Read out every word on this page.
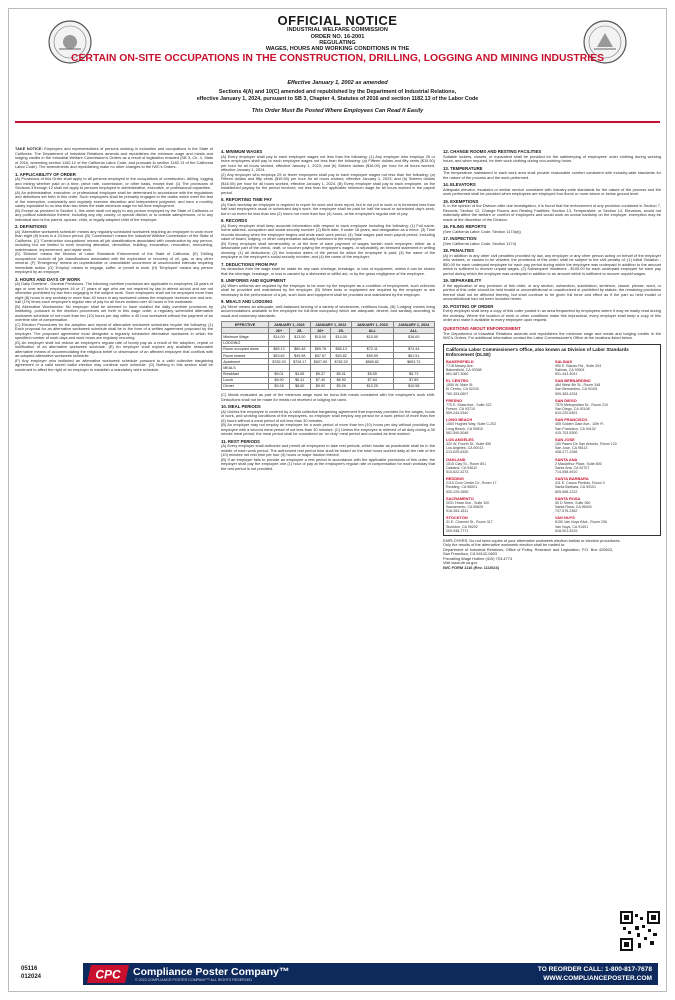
OFFICIAL NOTICE
INDUSTRIAL WELFARE COMMISSION
ORDER NO. 16-2001
REGULATING
WAGES, HOURS AND WORKING CONDITIONS IN THE
CERTAIN ON-SITE OCCUPATIONS IN THE CONSTRUCTION, DRILLING, LOGGING AND MINING INDUSTRIES
Effective January 1, 2002 as amended
Sections 4(A) and 10(C) amended and republished by the Department of Industrial Relations,
effective January 1, 2024, pursuant to SB 3, Chapter 4, Statutes of 2016 and section 1182.13 of the Labor Code
This Order Must Be Posted Where Employees Can Read It Easily
TAKE NOTICE: Employers and representatives of persons working in industries and occupations in the State of California: The Department of Industrial Relations amends and republishes the minimum wage and meals and lodging credits in the Industrial Welfare Commission's Orders as a result of legislation enacted (SB 3, Ch. 4, Stats of 2016, amending section 1182.12 of the California Labor Code, and pursuant to section 1182.13 of the California Labor Code). The amendments and republishing make no other changes to the IWC's Orders.
1. APPLICABILITY OF ORDER
(A) Provisions of this Order shall apply to all persons employed in the occupations of construction, drilling, logging and mining whether paid on a time, piece rate, commission, or other basis, except that: (1) The provisions of Sections 3 through 12 shall not apply to persons employed in administrative, executive, or professional capacities.
(A) An administrative, executive, or professional employee shall be determined in accordance with the regulations and definitions set forth in this order. Such employees shall be primarily engaged in the duties which meet the test of the exemption, customarily and regularly exercise discretion and independent judgment, and earn a monthly salary equivalent to no less than two times the state minimum wage for full-time employment.
(B) Except as provided in Section 1, this order shall not apply to any person employed by the State of California or any political subdivision thereof, including any city, county, or special district, or to outside salespersons, or to any individual who is the parent, spouse, child, or legally adopted child of the employer.
2. DEFINITIONS
(A) 'Alternative workweek schedule' means any regularly scheduled workweek requiring an employee to work more than eight (8) hours in a 24-hour period. (B) 'Commission' means the Industrial Welfare Commission of the State of California. (C) 'Construction occupations' means all job classifications associated with construction by any person, including but not limited to work involving alteration, demolition, building, excavation, renovation, remodeling, maintenance, improvement, and repair work.
(D) 'Division' means the Division of Labor Standards Enforcement of the State of California. (E) 'Drilling occupations' include all job classifications associated with the exploration or recovery of oil, gas, or any other mineral. (F) 'Emergency' means an unpredictable or unavoidable occurrence at unscheduled intervals requiring immediate action. (G) 'Employ' means to engage, suffer, or permit to work. (H) 'Employee' means any person employed by an employer.
3. HOURS AND DAYS OF WORK
(A) Daily Overtime - General Provisions: The following overtime provisions are applicable to employees 18 years of age or over and to employees 16 or 17 years of age who are not required by law to attend school and are not otherwise prohibited by law from engaging in the subject work. Such employees shall not be employed more than eight (8) hours in any workday or more than 40 hours in any workweek unless the employee receives one and one-half (1½) times such employee's regular rate of pay for all hours worked over 40 hours in the workweek.
(B) Alternative Workweeks: No employer shall be deemed to have violated the daily overtime provisions by instituting, pursuant to the election procedures set forth in this wage order, a regularly scheduled alternative workweek schedule of not more than ten (10) hours per day within a 40 hour workweek without the payment of an overtime rate of compensation.
(C) Election Procedures for the adoption and repeal of alternative workweek schedules require the following: (1) Each proposal for an alternative workweek schedule shall be in the form of a written agreement proposed by the employer. The proposed agreement must designate a regularly scheduled alternative workweek in which the specified number of work days and work hours are regularly recurring.
(D) An employer shall not reduce an employee's regular rate of hourly pay as a result of the adoption, repeal or nullification of an alternative workweek schedule. (E) An employer shall explore any available reasonable alternative means of accommodating the religious belief or observance of an affected employee that conflicts with an adopted alternative workweek schedule.
(F) Any employer who instituted an alternative workweek schedule pursuant to a valid collective bargaining agreement or a valid secret ballot election may continue such schedule. (G) Nothing in this section shall be construed to affect the right of an employer to establish a mandatory work schedule.
4. MINIMUM WAGES
(A) Every employer shall pay to each employee wages not less than the following: (1) Any employer who employs 26 or more employees shall pay to each employee wages not less than the following: (a) Fifteen dollars and fifty cents ($15.50) per hour for all hours worked, effective January 1, 2023; and (b) Sixteen dollars ($16.00) per hour for all hours worked, effective January 1, 2024.
(2) Any employer who employs 25 or fewer employees shall pay to each employee wages not less than the following: (a) Fifteen dollars and fifty cents ($15.50) per hour for all hours worked, effective January 1, 2023; and (b) Sixteen dollars ($16.00) per hour for all hours worked, effective January 1, 2024. (B) Every employer shall pay to each employee, on the established payday for the period involved, not less than the applicable minimum wage for all hours worked in the payroll period.
5. REPORTING TIME PAY
(A) Each workday an employee is required to report for work and does report, but is not put to work or is furnished less than half said employee's usual or scheduled day's work, the employee shall be paid for half the usual or scheduled day's work, but in no event for less than two (2) hours nor more than four (4) hours, at the employee's regular rate of pay.
6. RECORDS
(A) Every employer shall keep accurate information with respect to each employee including the following: (1) Full name, home address, occupation and social security number. (2) Birth date, if under 18 years, and designation as a minor. (3) Time records showing when the employee begins and ends each work period. (4) Total wages paid each payroll period, including value of board, lodging, or other compensation actually furnished to the employee.
(B) Every employer shall semimonthly or at the time of each payment of wages furnish each employee, either as a detachable part of the check, draft, or voucher paying the employee's wages, or separately, an itemized statement in writing showing: (1) all deductions; (2) the inclusive dates of the period for which the employee is paid; (3) the name of the employee or the employee's social security number; and (4) the name of the employer.
7. DEDUCTIONS FROM PAY
No deduction from the wage shall be made for any cash shortage, breakage, or loss of equipment, unless it can be shown that the shortage, breakage, or loss is caused by a dishonest or willful act, or by the gross negligence of the employee.
8. UNIFORMS AND EQUIPMENT
(A) When uniforms are required by the employer to be worn by the employee as a condition of employment, such uniforms shall be provided and maintained by the employer. (B) When tools or equipment are required by the employer or are necessary to the performance of a job, such tools and equipment shall be provided and maintained by the employer.
9. MEALS AND LODGING
(A) 'Meal' means an adequate, well-balanced serving of a variety of wholesome, nutritious foods. (B) 'Lodging' means living accommodations available to the employee for full-time occupancy which are adequate, decent, and sanitary according to usual and customary standards.
EFFECTIVE	JANUARY 1, 2021		JANUARY 1, 2022		JANUARY 1, 2023	JANUARY 1, 2024
	26+	25-	26+	25-	ALL	ALL
Minimum Wage	$14.00	$13.00	$15.00	$14.00	$15.50	$16.00
LODGING						
Room occupied alone	$65.13	$60.48	$69.78	$65.13	$72.11	$74.44
Room shared	$53.82	$49.98	$57.67	$53.82	$59.59	$61.51
Apartment	$782.03	$726.17	$837.89	$782.03	$865.82	$893.72
MEALS						
Breakfast	$5.01	$4.65	$5.37	$5.01	$5.55	$5.73
Lunch	$6.90	$6.41	$7.40	$6.90	$7.64	$7.89
Dinner	$9.26	$8.60	$9.92	$9.26	$10.25	$10.58
(C) Meals evaluated as part of the minimum wage must be bona fide meals consistent with the employee's work shift. Deductions shall not be made for meals not received or lodging not used.
10. MEAL PERIODS
(A) Unless the employee is covered by a valid collective bargaining agreement that expressly provides for the wages, hours of work, and working conditions of the employees, no employer shall employ any person for a work period of more than five (5) hours without a meal period of not less than 30 minutes.
(B) An employer may not employ an employee for a work period of more than ten (10) hours per day without providing the employee with a second meal period of not less than 30 minutes. (C) Unless the employee is relieved of all duty during a 30 minute meal period, the meal period shall be considered an 'on duty' meal period and counted as time worked.
11. REST PERIODS
(A) Every employer shall authorize and permit all employees to take rest periods, which insofar as practicable shall be in the middle of each work period. The authorized rest period time shall be based on the total hours worked daily at the rate of ten (10) minutes net rest time per four (4) hours or major fraction thereof.
(B) If an employer fails to provide an employee a rest period in accordance with the applicable provisions of this order, the employer shall pay the employee one (1) hour of pay at the employee's regular rate of compensation for each workday that the rest period is not provided.
12. CHANGE ROOMS AND RESTING FACILITIES
Suitable lockers, closets, or equivalent shall be provided for the safekeeping of employees' outer clothing during working hours, and when required, for their work clothing during non-working hours.
13. TEMPERATURE
The temperature maintained in each work area shall provide reasonable comfort consistent with industry-wide standards for the nature of the process and the work performed.
14. ELEVATORS
Adequate elevator, escalator or similar service consistent with industry-wide standards for the nature of the process and the work performed shall be provided when employees are employed four floors or more above or below ground level.
15. EXEMPTIONS
If, in the opinion of the Division after due investigation, it is found that the enforcement of any provision contained in Section 7, Records; Section 12, Change Rooms and Resting Facilities; Section 13, Temperature; or Section 14, Elevators, would not materially affect the welfare or comfort of employees and would work an undue hardship on the employer, exemption may be made at the discretion of the Division.
16. FILING REPORTS
(See California Labor Code, Section 1174(a))
17. INSPECTION
(See California Labor Code, Section 1174)
18. PENALTIES
(A) In addition to any other civil penalties provided by law, any employer or any other person acting on behalf of the employer who violates, or causes to be violated, the provisions of this order, shall be subject to the civil penalty of: (1) Initial Violation - $50.00 for each underpaid employee for each pay period during which the employee was underpaid in addition to the amount which is sufficient to recover unpaid wages. (2) Subsequent Violations - $100.00 for each underpaid employee for each pay period during which the employee was underpaid in addition to an amount which is sufficient to recover unpaid wages.
19. SEPARABILITY
If the application of any provision of this order, or any section, subsection, subdivision, sentence, clause, phrase, word, or portion of this order should be held invalid or unconstitutional or unauthorized or prohibited by statute, the remaining provisions thereof shall not be affected thereby, but shall continue to be given full force and effect as if the part so held invalid or unconstitutional had not been included herein.
20. POSTING OF ORDER
Every employer shall keep a copy of this order posted in an area frequented by employees where it may be easily read during the workday. Where the location of work or other conditions make this impractical, every employer shall keep a copy of this order and make it available to every employee upon request.
QUESTIONS ABOUT ENFORCEMENT
The Department of Industrial Relations amends and republishes the minimum wage and meals and lodging credits in the IWC's Orders. For additional information contact the Labor Commissioner's Office at the locations listed below.
California Labor Commissioner's Office, also known as Division of Labor Standards Enforcement (DLSE)
BAKERSFIELD
7718 Meany Ave.
Bakersfield, CA 93308
661-587-3060
SALINAS
950 E. Blanco Rd., Suite 204
Salinas, CA 93901
831-443-3041
EL CENTRO
1550 W. Main St.
El Centro, CA 92243
760-353-0607
SAN BERNARDINO
464 West 4th St., Room 348
San Bernardino, CA 92401
909-383-4334
FRESNO
770 E. Shaw Ave., Suite 222
Fresno, CA 93710
559-244-5340
SAN DIEGO
7575 Metropolitan Dr., Room 210
San Diego, CA 92108
619-220-5451
LONG BEACH
1500 Hughes Way, Suite C-202
Long Beach, CA 90810
562-590-5048
SAN FRANCISCO
455 Golden Gate Ave., 10th Fl.
San Francisco, CA 94102
415-703-5300
LOS ANGELES
320 W. Fourth St., Suite 450
Los Angeles, CA 90013
213-620-6330
SAN JOSE
100 Paseo De San Antonio, Room 120
San Jose, CA 95113
408-277-1266
OAKLAND
1515 Clay St., Room 801
Oakland, CA 94612
510-622-3273
SANTA ANA
2 MacArthur Place, Suite 800
Santa Ana, CA 92707
714-558-4910
REDDING
2115 Civic Center Dr., Room 17
Redding, CA 96001
530-225-2655
SANTA BARBARA
411 E. Canon Perdido, Room 3
Santa Barbara, CA 93101
805-568-1222
SACRAMENTO
2031 Howe Ave., Suite 100
Sacramento, CA 95825
916-263-1811
SANTA ROSA
50 D Street, Suite 360
Santa Rosa, CA 95404
707-576-2362
STOCKTON
31 E. Channel St., Room 317
Stockton, CA 95202
209-948-7771
VAN NUYS
6150 Van Nuys Blvd., Room 206
Van Nuys, CA 91401
818-901-5315
EMPLOYERS: Do not send copies of your alternative workweek election ballots or election procedures.
Only the results of the alternative workweek election shall be mailed to:
Department of Industrial Relations, Office of Policy, Research and Legislation, P.O. Box 420603, San Francisco, CA 94142-0603
Prevailing Wage Hotline (415) 703-4774
Visit www.dir.ca.gov
IWC FORM 1116 (Rev. 11/2023)
05116
012024	CPC Compliance Poster Company™
© 2023 COMPLIANCE POSTER COMPANY™ ALL RIGHTS RESERVED
TO REORDER CALL: 1-800-817-7678
WWW.COMPLIANCEPOSTER.COM
